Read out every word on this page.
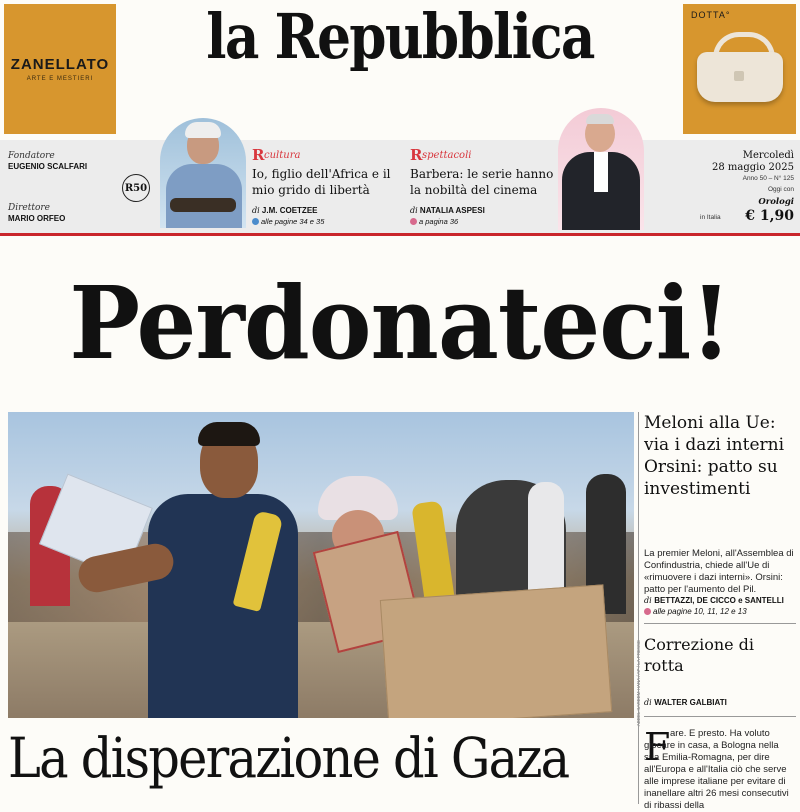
ZANELLATO
ARTE E MESTIERI
la Repubblica	DOTTA°
Fondatore
EUGENIO SCALFARI
Direttore
MARIO ORFEO
R50
R cultura
Io, figlio dell'Africa e il mio grido di libertà
di J.M. COETZEE
alle pagine 34 e 35
R spettacoli
Barbera: le serie hanno la nobiltà del cinema
di NATALIA ASPESI
a pagina 36
Mercoledì
28 maggio 2025
Anno 50 – N° 125
Oggi con
Orologi
in Italia	€ 1,90
Perdonateci!
La disperazione di Gaza
Meloni alla Ue: via i dazi interni Orsini: patto su investimenti
La premier Meloni, all'Assemblea di Confindustria, chiede all'Ue di «rimuovere i dazi interni». Orsini: patto per l'aumento del Pil.
di BETTAZZI, DE CICCO e SANTELLI
alle pagine 10, 11, 12 e 13
Correzione di rotta
di WALTER GALBIATI
F are. E presto. Ha voluto giocare in casa, a Bologna nella sua Emilia-Romagna, per dire all'Europa e all'Italia ciò che serve alle imprese italiane per evitare di inanellare altri 26 mesi consecutivi di ribassi della
